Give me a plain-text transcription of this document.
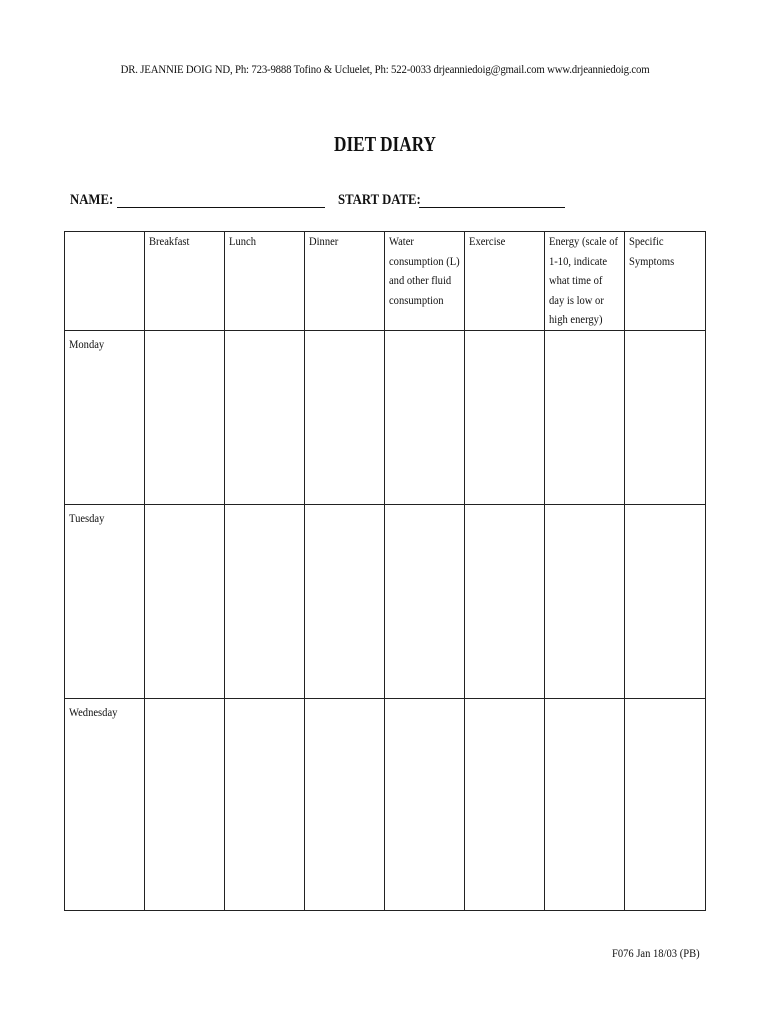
DR. JEANNIE DOIG ND, Ph: 723-9888 Tofino & Ucluelet, Ph: 522-0033 drjeanniedoig@gmail.com www.drjeanniedoig.com
DIET DIARY
NAME:	START DATE:

	Breakfast	Lunch	Dinner	Water consumption (L) and other fluid consumption	Exercise	Energy (scale of 1-10, indicate what time of day is low or high energy)	Specific Symptoms

Monday							

Tuesday							

Wednesday							

F076 Jan 18/03 (PB)
